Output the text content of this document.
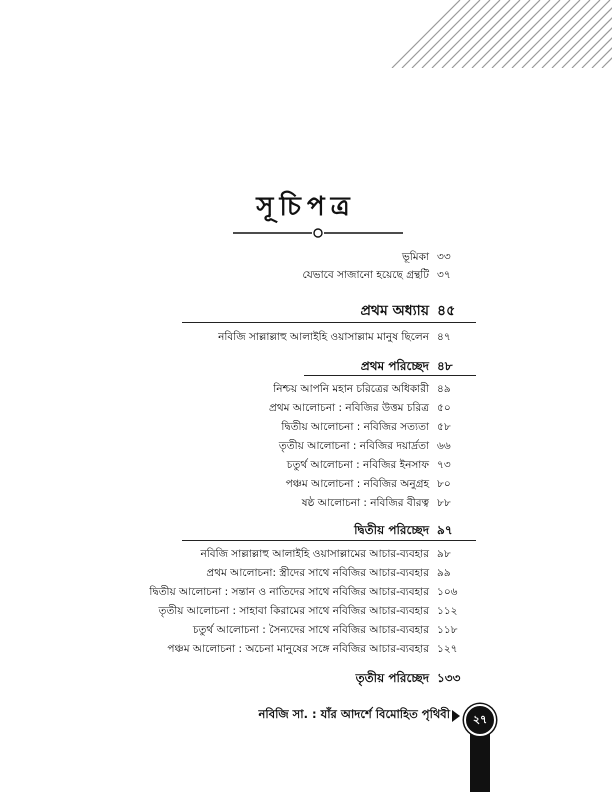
সূচিপত্র
ভূমিকা ৩৩
যেভাবে সাজানো হয়েছে গ্রন্থটি ৩৭
প্রথম অধ্যায় ৪৫
নবিজি সাল্লাল্লাহু আলাইহি ওয়াসাল্লাম মানুষ ছিলেন ৪৭
প্রথম পরিচ্ছেদ ৪৮
নিশ্চয় আপনি মহান চরিত্রের অধিকারী ৪৯
প্রথম আলোচনা : নবিজির উত্তম চরিত্র ৫০
দ্বিতীয় আলোচনা : নবিজির সত্যতা ৫৮
তৃতীয় আলোচনা : নবিজির দয়ার্দ্রতা ৬৬
চতুর্থ আলোচনা : নবিজির ইনসাফ ৭৩
পঞ্চম আলোচনা : নবিজির অনুগ্রহ ৮০
ষষ্ঠ আলোচনা : নবিজির বীরত্ব ৮৮
দ্বিতীয় পরিচ্ছেদ ৯৭
নবিজি সাল্লাল্লাহু আলাইহি ওয়াসাল্লামের আচার-ব্যবহার ৯৮
প্রথম আলোচনা: স্ত্রীদের সাথে নবিজির আচার-ব্যবহার ৯৯
দ্বিতীয় আলোচনা : সন্তান ও নাতিদের সাথে নবিজির আচার-ব্যবহার ১০৬
তৃতীয় আলোচনা : সাহাবা কিরামের সাথে নবিজির আচার-ব্যবহার ১১২
চতুর্থ আলোচনা : সৈন্যদের সাথে নবিজির আচার-ব্যবহার ১১৮
পঞ্চম আলোচনা : অচেনা মানুষের সঙ্গে নবিজির আচার-ব্যবহার ১২৭
তৃতীয় পরিচ্ছেদ ১৩৩
নবিজি সা. : যাঁর আদর্শে বিমোহিত পৃথিবী	২৭
